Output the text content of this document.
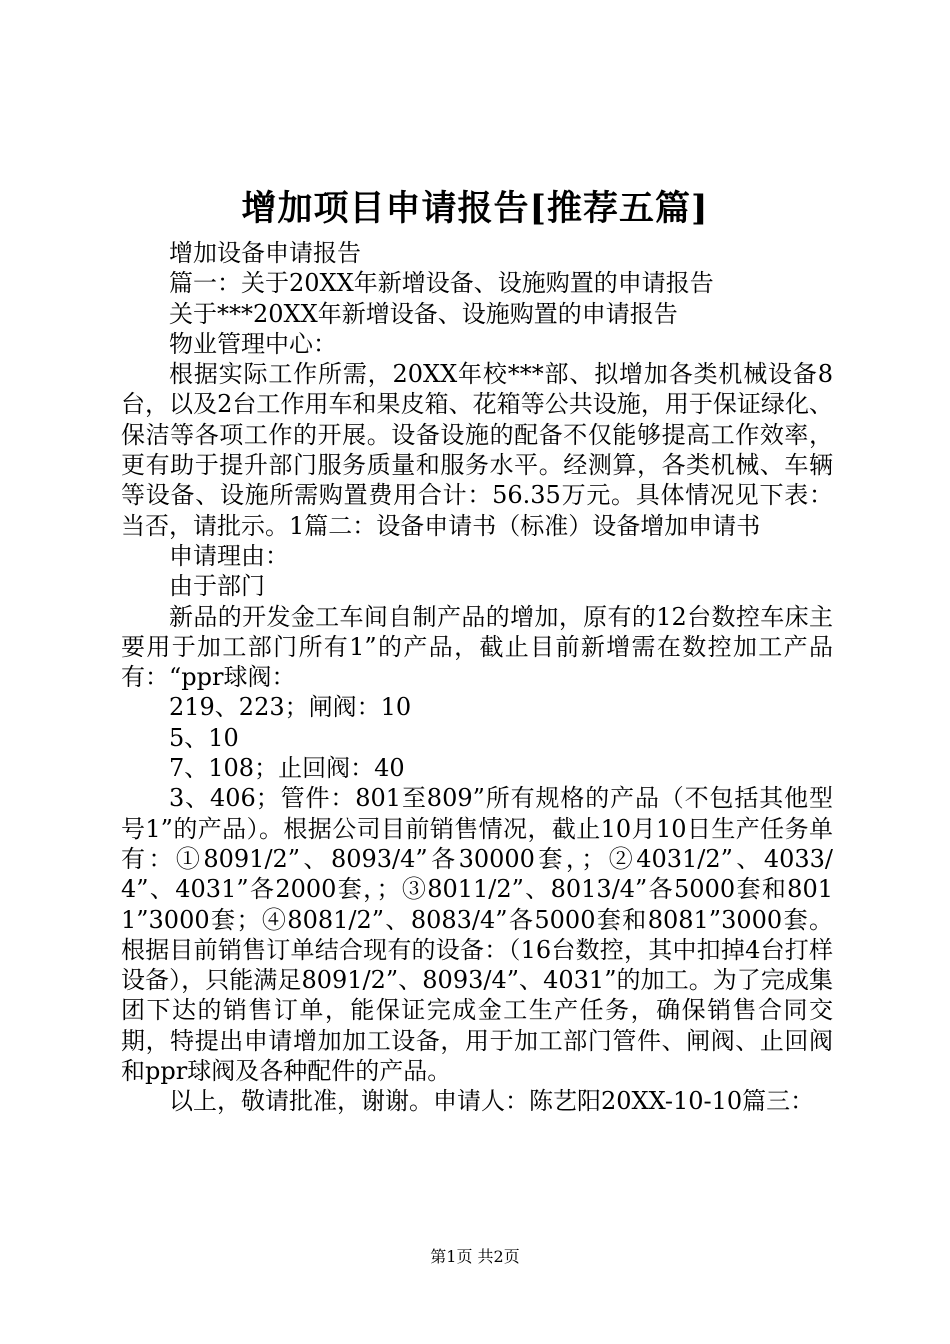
增加项目申请报告[推荐五篇]

增加设备申请报告

篇一：关于20XX年新增设备、设施购置的申请报告

关于***20XX年新增设备、设施购置的申请报告

物业管理中心：

根据实际工作所需，20XX年校***部、拟增加各类机械设备8台，以及2台工作用车和果皮箱、花箱等公共设施，用于保证绿化、保洁等各项工作的开展。设备设施的配备不仅能够提高工作效率，更有助于提升部门服务质量和服务水平。经测算，各类机械、车辆等设备、设施所需购置费用合计：56.35万元。具体情况见下表：当否，请批示。1篇二：设备申请书（标准）设备增加申请书

申请理由：

由于部门

新品的开发金工车间自制产品的增加，原有的12台数控车床主要用于加工部门所有1”的产品，截止目前新增需在数控加工产品有：“ppr球阀：

219、223；闸阀：10

5、10

7、108；止回阀：40

3、406；管件：801至809”所有规格的产品（不包括其他型号1”的产品）。根据公司目前销售情况，截止10月10日生产任务单有：①8091/2”、8093/4”各30000套，；②4031/2”、4033/4”、4031”各2000套，；③8011/2”、8013/4”各5000套和8011”3000套；④8081/2”、8083/4”各5000套和8081”3000套。根据目前销售订单结合现有的设备：（16台数控，其中扣掉4台打样设备），只能满足8091/2”、8093/4”、4031”的加工。为了完成集团下达的销售订单，能保证完成金工生产任务，确保销售合同交期，特提出申请增加加工设备，用于加工部门管件、闸阀、止回阀和ppr球阀及各种配件的产品。

以上，敬请批准，谢谢。申请人：陈艺阳20XX-10-10篇三：

第1页 共2页
